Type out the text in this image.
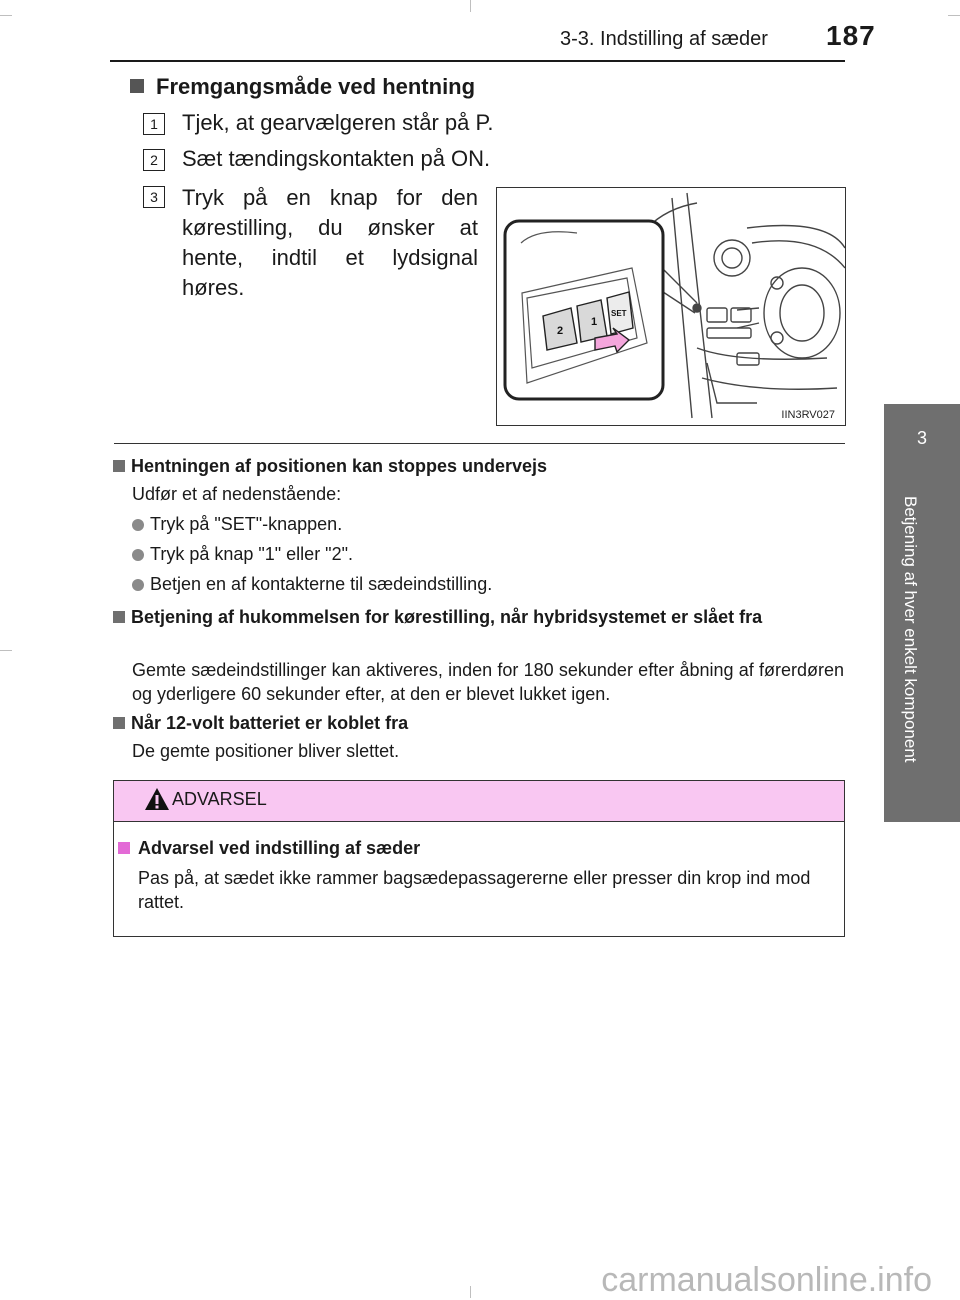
3-3. Indstilling af sæder 187
3
Betjening af hver enkelt komponent
Fremgangsmåde ved hentning
1	Tjek, at gearvælgeren står på P.
2	Sæt tændingskontakten på ON.
3	Tryk på en knap for den kørestilling, du ønsker at hente, indtil et lydsignal høres.
2
1
SET
IIN3RV027
Hentningen af positionen kan stoppes undervejs
Udfør et af nedenstående:
Tryk på "SET"-knappen.
Tryk på knap "1" eller "2".
Betjen en af kontakterne til sædeindstilling.
Betjening af hukommelsen for kørestilling, når hybridsystemet er slået fra
Gemte sædeindstillinger kan aktiveres, inden for 180 sekunder efter åbning af førerdøren og yderligere 60 sekunder efter, at den er blevet lukket igen.
Når 12-volt batteriet er koblet fra
De gemte positioner bliver slettet.
ADVARSEL
Advarsel ved indstilling af sæder
Pas på, at sædet ikke rammer bagsædepassagererne eller presser din krop ind mod rattet.
carmanualsonline.info
